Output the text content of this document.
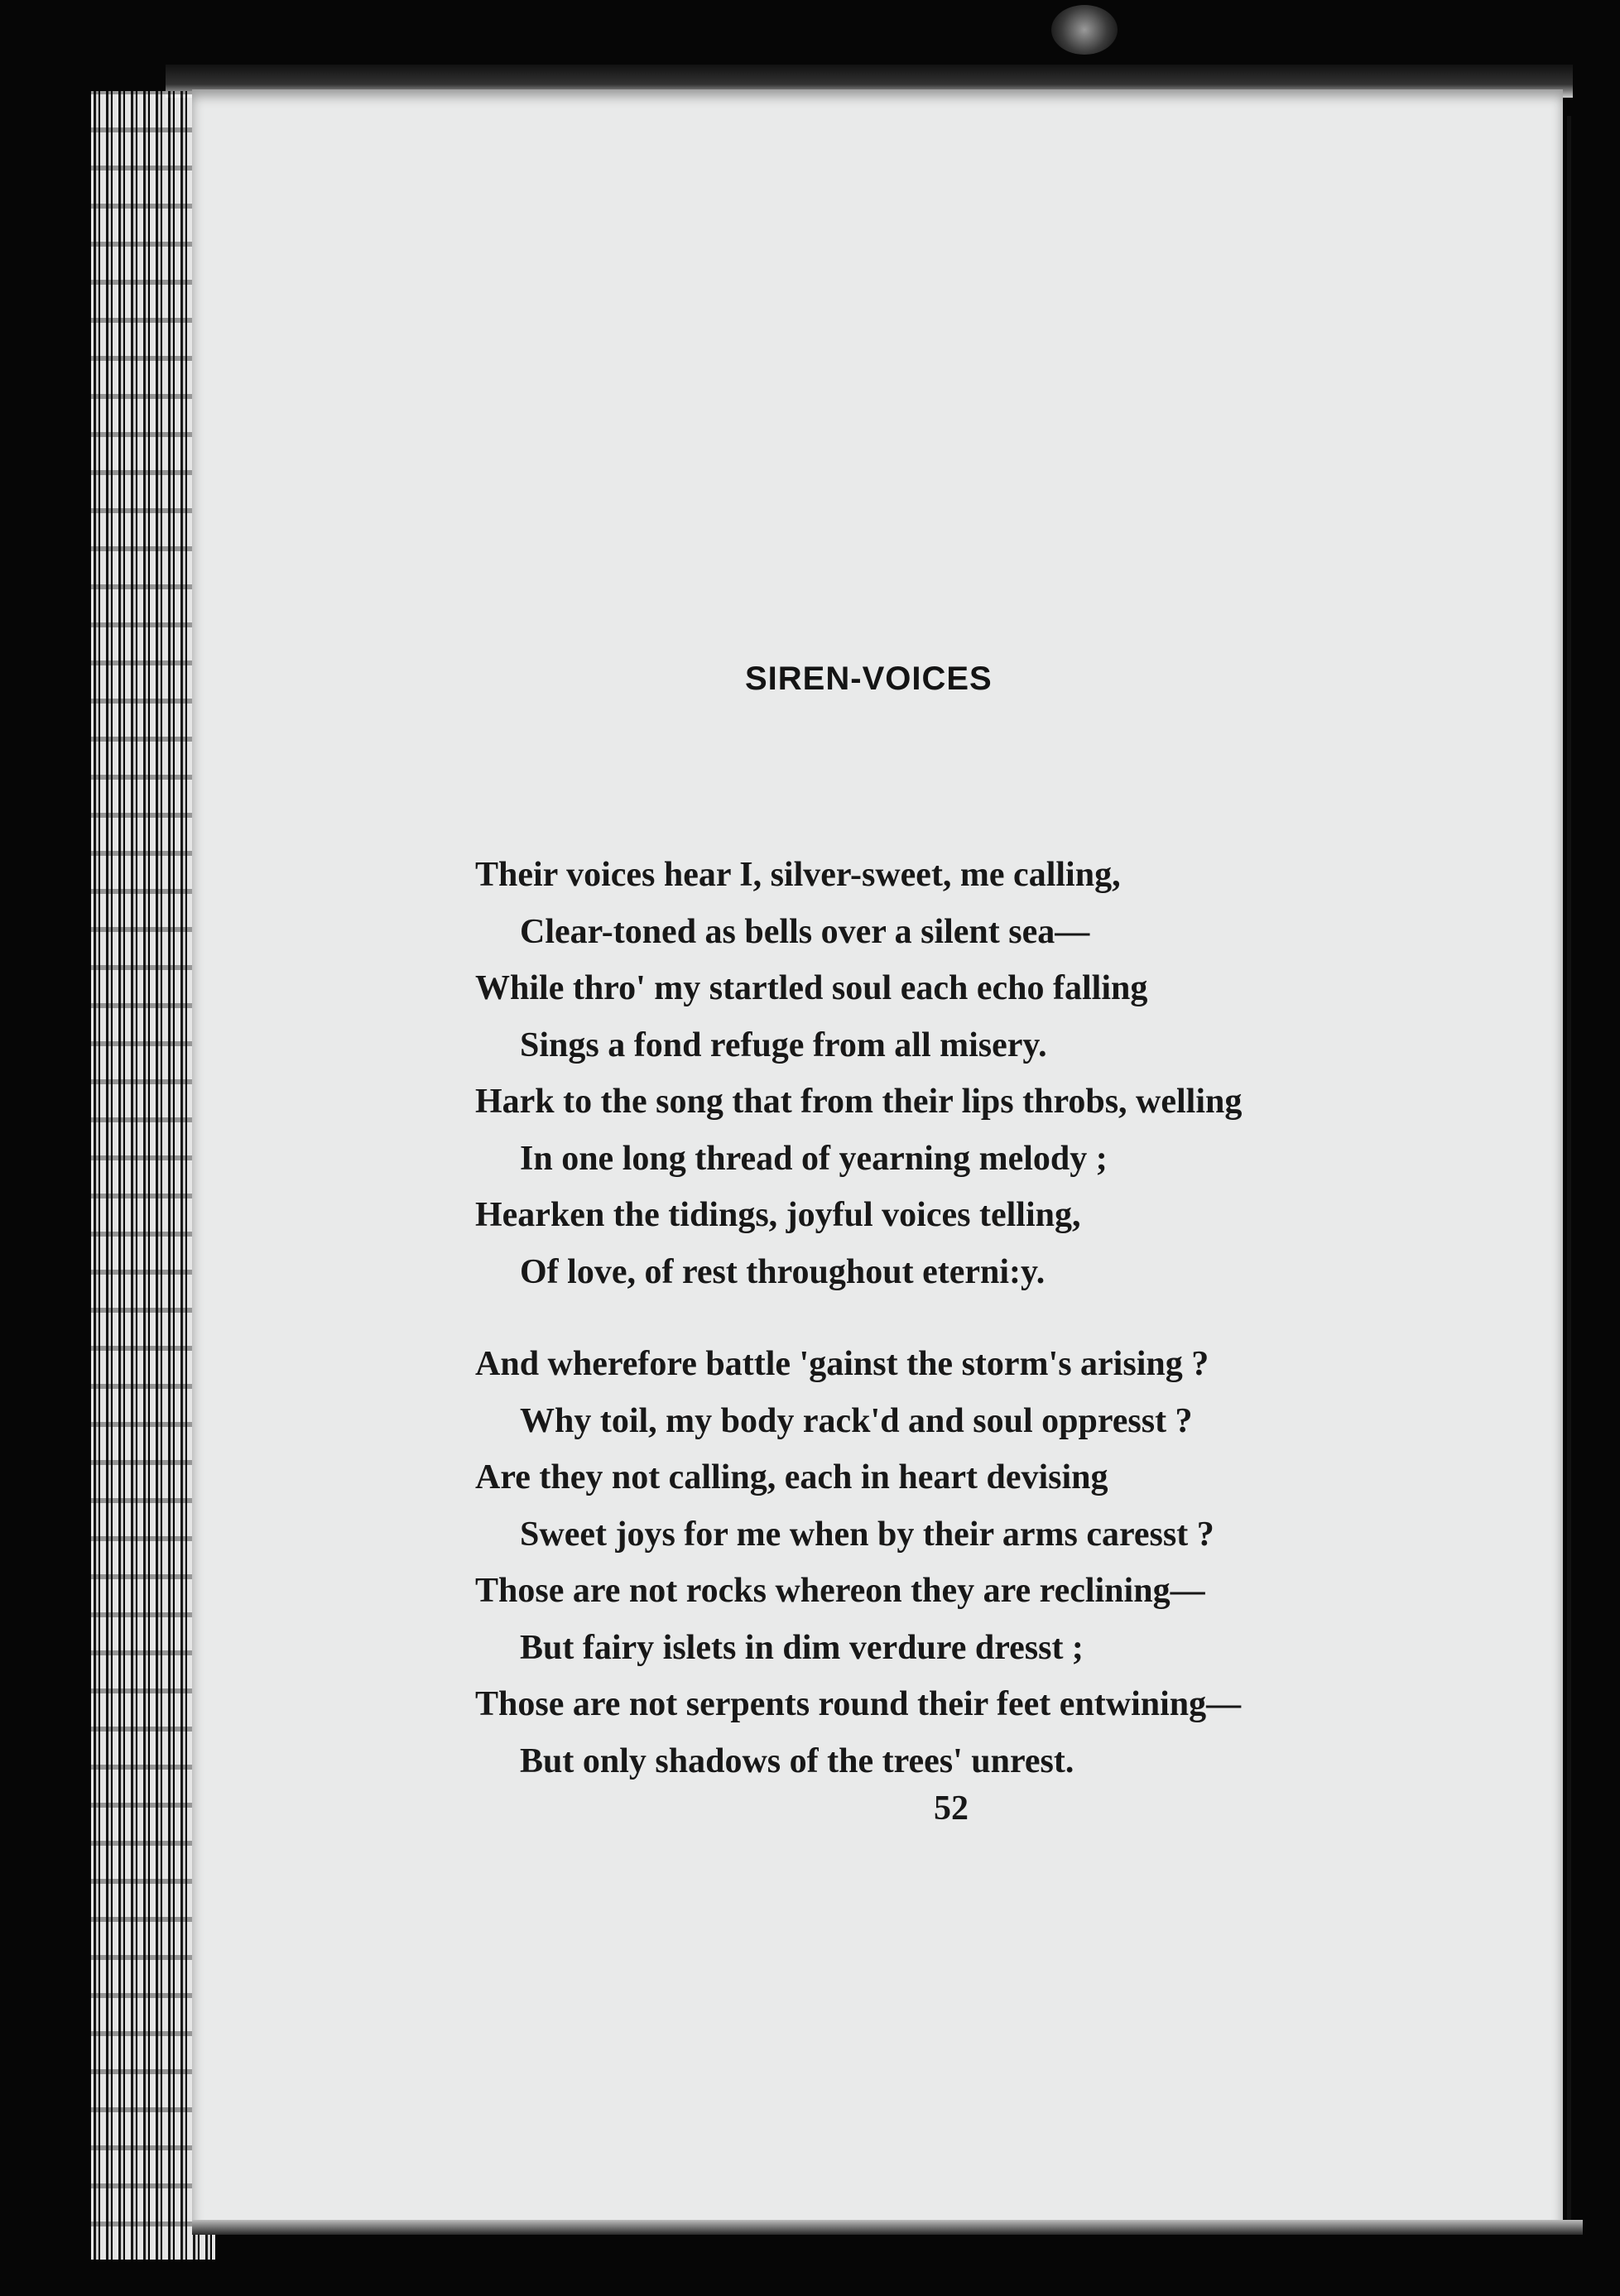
SIREN-VOICES
Their voices hear I, silver-sweet, me calling,
Clear-toned as bells over a silent sea—
While thro' my startled soul each echo falling
Sings a fond refuge from all misery.
Hark to the song that from their lips throbs, welling
In one long thread of yearning melody ;
Hearken the tidings, joyful voices telling,
Of love, of rest throughout eterni:y.
And wherefore battle 'gainst the storm's arising ?
Why toil, my body rack'd and soul oppresst ?
Are they not calling, each in heart devising
Sweet joys for me when by their arms caresst ?
Those are not rocks whereon they are reclining—
But fairy islets in dim verdure dresst ;
Those are not serpents round their feet entwining—
But only shadows of the trees' unrest.
52
